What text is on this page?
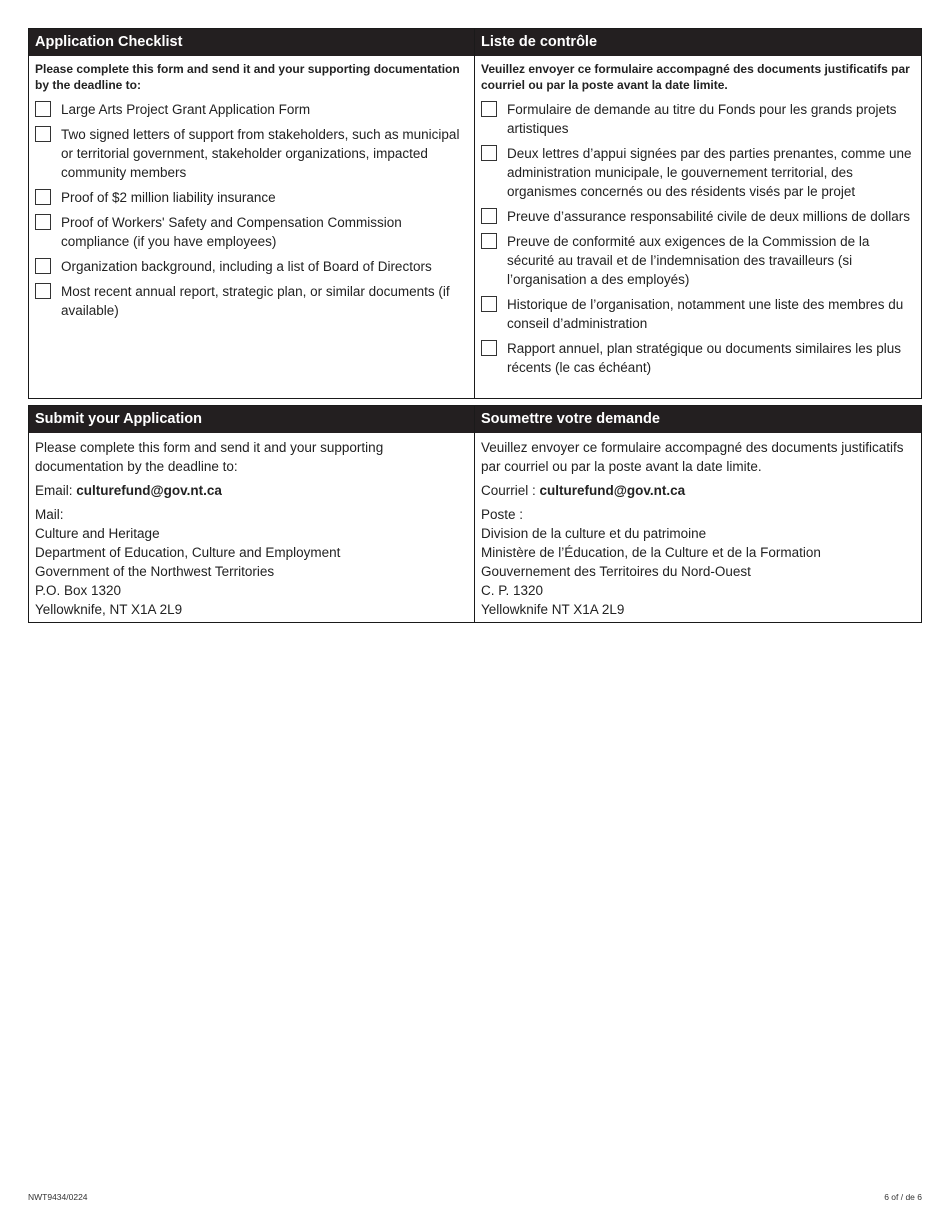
Application Checklist
Please complete this form and send it and your supporting documentation by the deadline to:
Large Arts Project Grant Application Form
Two signed letters of support from stakeholders, such as municipal or territorial government, stakeholder organizations, impacted community members
Proof of $2 million liability insurance
Proof of Workers' Safety and Compensation Commission compliance (if you have employees)
Organization background, including a list of Board of Directors
Most recent annual report, strategic plan, or similar documents (if available)
Liste de contrôle
Veuillez envoyer ce formulaire accompagné des documents justificatifs par courriel ou par la poste avant la date limite.
Formulaire de demande au titre du Fonds pour les grands projets artistiques
Deux lettres d’appui signées par des parties prenantes, comme une administration municipale, le gouvernement territorial, des organismes concernés ou des résidents visés par le projet
Preuve d’assurance responsabilité civile de deux millions de dollars
Preuve de conformité aux exigences de la Commission de la sécurité au travail et de l’indemnisation des travailleurs (si l’organisation a des employés)
Historique de l’organisation, notamment une liste des membres du conseil d’administration
Rapport annuel, plan stratégique ou documents similaires les plus récents (le cas échéant)
Submit your Application

Please complete this form and send it and your supporting documentation by the deadline to:

Email: culturefund@gov.nt.ca

Mail:
Culture and Heritage
Department of Education, Culture and Employment
Government of the Northwest Territories
P.O. Box 1320
Yellowknife, NT X1A 2L9
Soumettre votre demande

Veuillez envoyer ce formulaire accompagné des documents justificatifs par courriel ou par la poste avant la date limite.

Courriel : culturefund@gov.nt.ca

Poste :
Division de la culture et du patrimoine
Ministère de l’Éducation, de la Culture et de la Formation
Gouvernement des Territoires du Nord-Ouest
C. P. 1320
Yellowknife NT X1A 2L9
NWT9434/0224	6 of / de 6
